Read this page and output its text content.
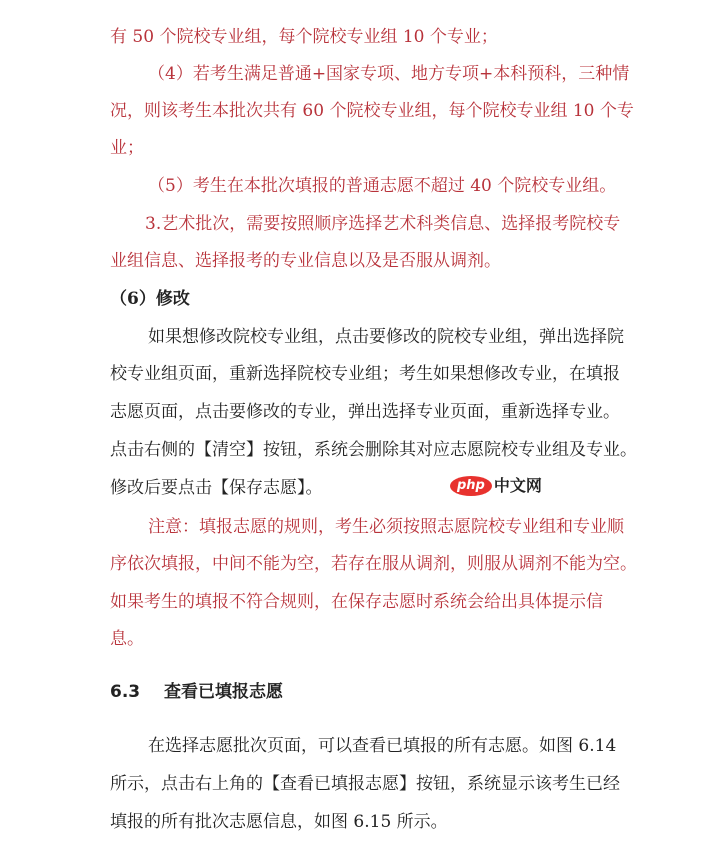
有 50 个院校专业组，每个院校专业组 10 个专业；
（4）若考生满足普通+国家专项、地方专项+本科预科，三种情
况，则该考生本批次共有 60 个院校专业组，每个院校专业组 10 个专
业；
（5）考生在本批次填报的普通志愿不超过 40 个院校专业组。
3.艺术批次，需要按照顺序选择艺术科类信息、选择报考院校专
业组信息、选择报考的专业信息以及是否服从调剂。
（6）修改
如果想修改院校专业组，点击要修改的院校专业组，弹出选择院
校专业组页面，重新选择院校专业组；考生如果想修改专业，在填报
志愿页面，点击要修改的专业，弹出选择专业页面，重新选择专业。
点击右侧的【清空】按钮，系统会删除其对应志愿院校专业组及专业。
修改后要点击【保存志愿】。
注意：填报志愿的规则，考生必须按照志愿院校专业组和专业顺
序依次填报，中间不能为空，若存在服从调剂，则服从调剂不能为空。
如果考生的填报不符合规则，在保存志愿时系统会给出具体提示信
息。
6.3 查看已填报志愿
在选择志愿批次页面，可以查看已填报的所有志愿。如图 6.14
所示，点击右上角的【查看已填报志愿】按钮，系统显示该考生已经
填报的所有批次志愿信息，如图 6.15 所示。
php 中文网
